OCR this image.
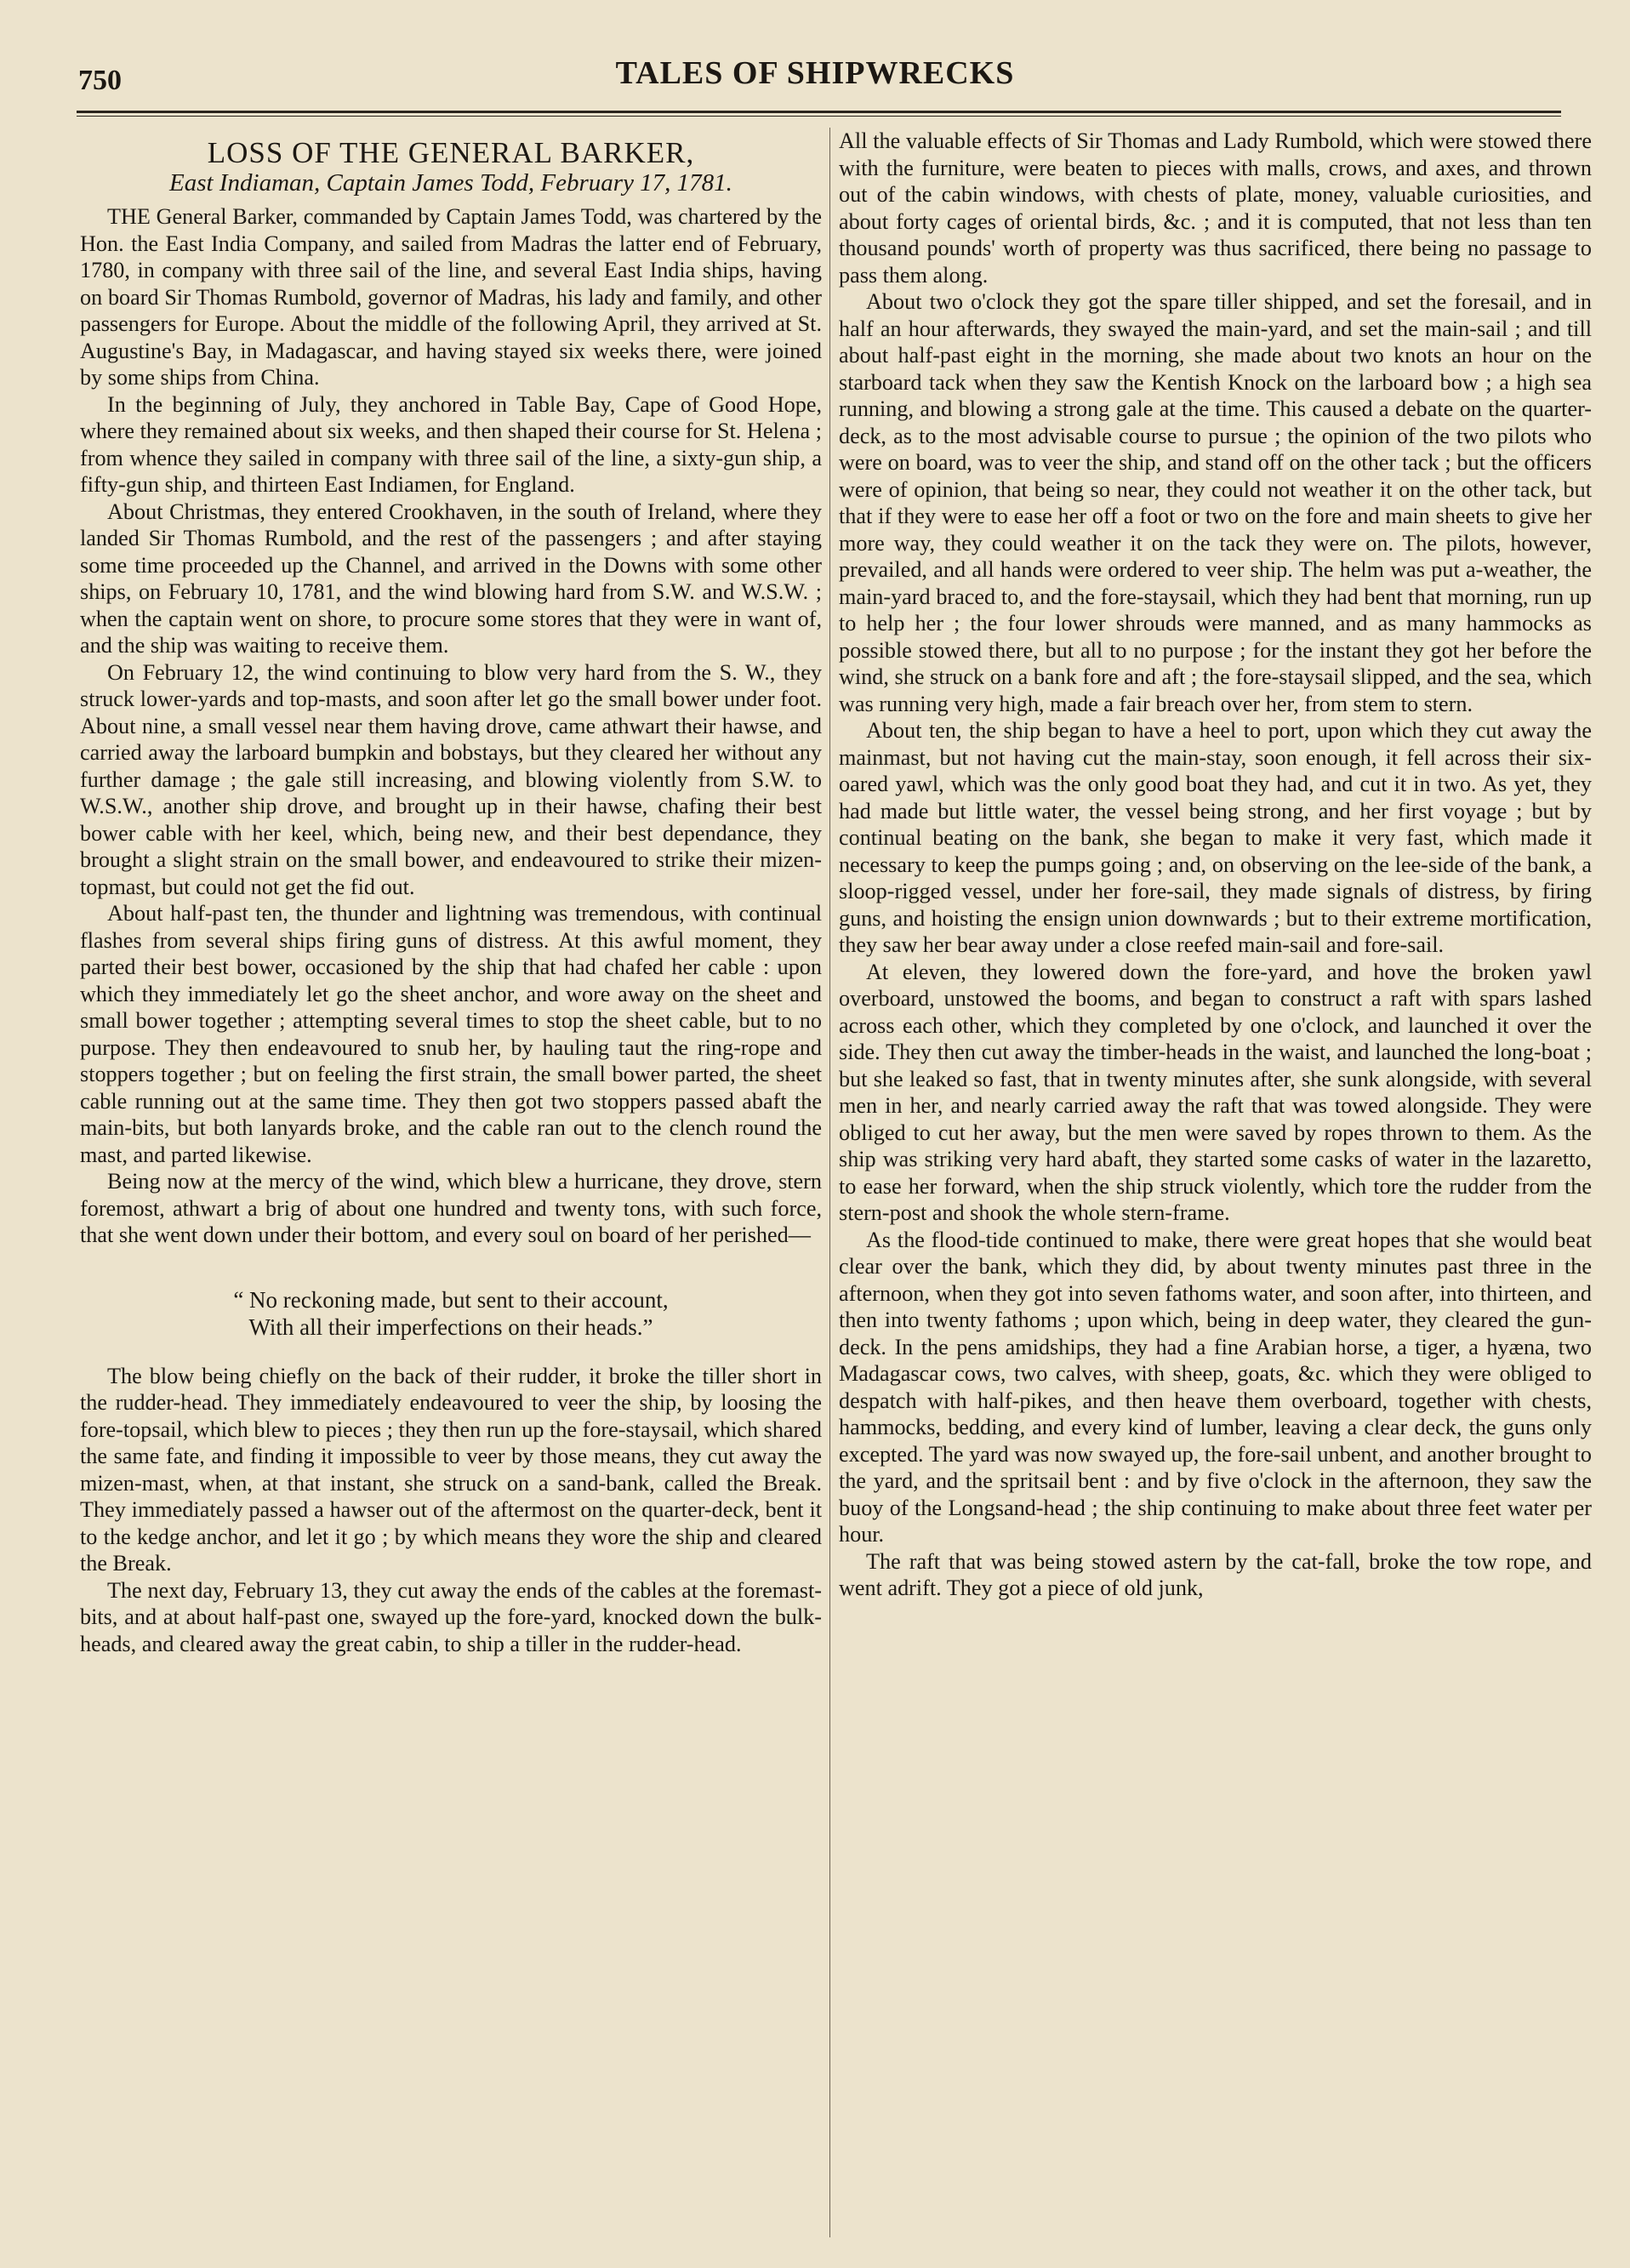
750	TALES OF SHIPWRECKS
LOSS OF THE GENERAL BARKER,
East Indiaman, Captain James Todd, February 17, 1781.

THE General Barker, commanded by Captain James Todd, was chartered by the Hon. the East India Company, and sailed from Madras the latter end of February, 1780, in company with three sail of the line, and several East India ships, having on board Sir Thomas Rumbold, governor of Madras, his lady and family, and other passengers for Europe. About the middle of the following April, they arrived at St. Augustine's Bay, in Madagascar, and having stayed six weeks there, were joined by some ships from China.

In the beginning of July, they anchored in Table Bay, Cape of Good Hope, where they remained about six weeks, and then shaped their course for St. Helena ; from whence they sailed in company with three sail of the line, a sixty-gun ship, a fifty-gun ship, and thirteen East Indiamen, for England.

About Christmas, they entered Crookhaven, in the south of Ireland, where they landed Sir Thomas Rumbold, and the rest of the passengers ; and after staying some time proceeded up the Channel, and arrived in the Downs with some other ships, on February 10, 1781, and the wind blowing hard from S.W. and W.S.W. ; when the captain went on shore, to procure some stores that they were in want of, and the ship was waiting to receive them.

On February 12, the wind continuing to blow very hard from the S. W., they struck lower-yards and top-masts, and soon after let go the small bower under foot. About nine, a small vessel near them having drove, came athwart their hawse, and carried away the larboard bumpkin and bobstays, but they cleared her without any further damage ; the gale still increasing, and blowing violently from S.W. to W.S.W., another ship drove, and brought up in their hawse, chafing their best bower cable with her keel, which, being new, and their best dependance, they brought a slight strain on the small bower, and endeavoured to strike their mizen-topmast, but could not get the fid out.

About half-past ten, the thunder and lightning was tremendous, with continual flashes from several ships firing guns of distress. At this awful moment, they parted their best bower, occasioned by the ship that had chafed her cable : upon which they immediately let go the sheet anchor, and wore away on the sheet and small bower together ; attempting several times to stop the sheet cable, but to no purpose. They then endeavoured to snub her, by hauling taut the ring-rope and stoppers together ; but on feeling the first strain, the small bower parted, the sheet cable running out at the same time. They then got two stoppers passed abaft the main-bits, but both lanyards broke, and the cable ran out to the clench round the mast, and parted likewise.

Being now at the mercy of the wind, which blew a hurricane, they drove, stern foremost, athwart a brig of about one hundred and twenty tons, with such force, that she went down under their bottom, and every soul on board of her perished—

“ No reckoning made, but sent to their account,
With all their imperfections on their heads.”

The blow being chiefly on the back of their rudder, it broke the tiller short in the rudder-head. They immediately endeavoured to veer the ship, by loosing the fore-topsail, which blew to pieces ; they then run up the fore-staysail, which shared the same fate, and finding it impossible to veer by those means, they cut away the mizen-mast, when, at that instant, she struck on a sand-bank, called the Break. They immediately passed a hawser out of the aftermost on the quarter-deck, bent it to the kedge anchor, and let it go ; by which means they wore the ship and cleared the Break.

The next day, February 13, they cut away the ends of the cables at the foremast-bits, and at about half-past one, swayed up the fore-yard, knocked down the bulk-heads, and cleared away the great cabin, to ship a tiller in the rudder-head.

All the valuable effects of Sir Thomas and Lady Rumbold, which were stowed there with the furniture, were beaten to pieces with malls, crows, and axes, and thrown out of the cabin windows, with chests of plate, money, valuable curiosities, and about forty cages of oriental birds, &c. ; and it is computed, that not less than ten thousand pounds' worth of property was thus sacrificed, there being no passage to pass them along.

About two o'clock they got the spare tiller shipped, and set the foresail, and in half an hour afterwards, they swayed the main-yard, and set the main-sail ; and till about half-past eight in the morning, she made about two knots an hour on the starboard tack when they saw the Kentish Knock on the larboard bow ; a high sea running, and blowing a strong gale at the time. This caused a debate on the quarter-deck, as to the most advisable course to pursue ; the opinion of the two pilots who were on board, was to veer the ship, and stand off on the other tack ; but the officers were of opinion, that being so near, they could not weather it on the other tack, but that if they were to ease her off a foot or two on the fore and main sheets to give her more way, they could weather it on the tack they were on. The pilots, however, prevailed, and all hands were ordered to veer ship. The helm was put a-weather, the main-yard braced to, and the fore-staysail, which they had bent that morning, run up to help her ; the four lower shrouds were manned, and as many hammocks as possible stowed there, but all to no purpose ; for the instant they got her before the wind, she struck on a bank fore and aft ; the fore-staysail slipped, and the sea, which was running very high, made a fair breach over her, from stem to stern.

About ten, the ship began to have a heel to port, upon which they cut away the mainmast, but not having cut the main-stay, soon enough, it fell across their six-oared yawl, which was the only good boat they had, and cut it in two. As yet, they had made but little water, the vessel being strong, and her first voyage ; but by continual beating on the bank, she began to make it very fast, which made it necessary to keep the pumps going ; and, on observing on the lee-side of the bank, a sloop-rigged vessel, under her fore-sail, they made signals of distress, by firing guns, and hoisting the ensign union downwards ; but to their extreme mortification, they saw her bear away under a close reefed main-sail and fore-sail.

At eleven, they lowered down the fore-yard, and hove the broken yawl overboard, unstowed the booms, and began to construct a raft with spars lashed across each other, which they completed by one o'clock, and launched it over the side. They then cut away the timber-heads in the waist, and launched the long-boat ; but she leaked so fast, that in twenty minutes after, she sunk alongside, with several men in her, and nearly carried away the raft that was towed alongside. They were obliged to cut her away, but the men were saved by ropes thrown to them. As the ship was striking very hard abaft, they started some casks of water in the lazaretto, to ease her forward, when the ship struck violently, which tore the rudder from the stern-post and shook the whole stern-frame.

As the flood-tide continued to make, there were great hopes that she would beat clear over the bank, which they did, by about twenty minutes past three in the afternoon, when they got into seven fathoms water, and soon after, into thirteen, and then into twenty fathoms ; upon which, being in deep water, they cleared the gun-deck. In the pens amidships, they had a fine Arabian horse, a tiger, a hyæna, two Madagascar cows, two calves, with sheep, goats, &c. which they were obliged to despatch with half-pikes, and then heave them overboard, together with chests, hammocks, bedding, and every kind of lumber, leaving a clear deck, the guns only excepted. The yard was now swayed up, the fore-sail unbent, and another brought to the yard, and the spritsail bent : and by five o'clock in the afternoon, they saw the buoy of the Longsand-head ; the ship continuing to make about three feet water per hour.

The raft that was being stowed astern by the cat-fall, broke the tow rope, and went adrift. They got a piece of old junk,
